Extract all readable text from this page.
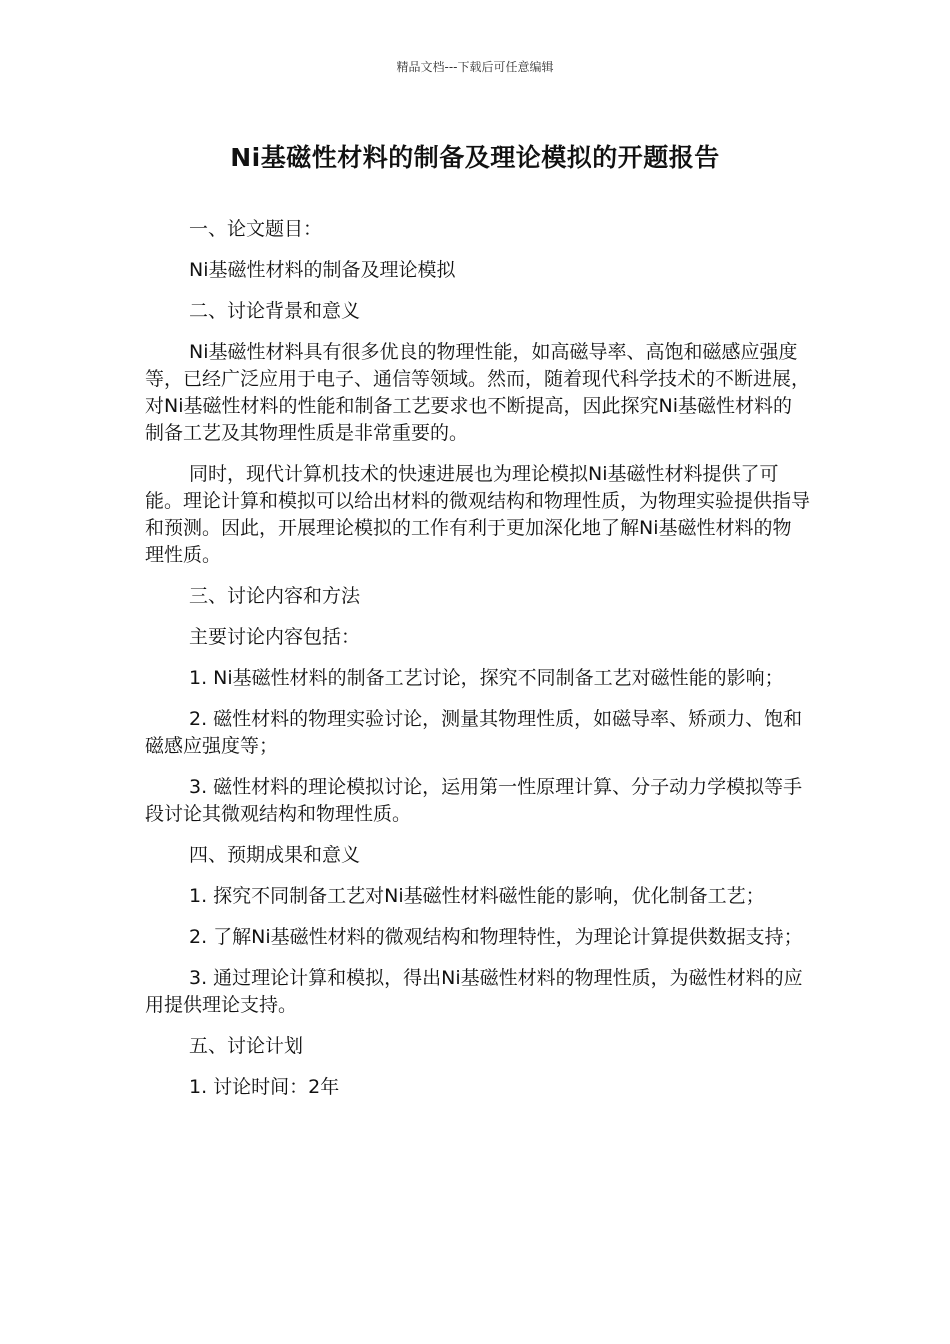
精品文档---下载后可任意编辑
Ni基磁性材料的制备及理论模拟的开题报告

一、论文题目：

Ni基磁性材料的制备及理论模拟

二、讨论背景和意义

Ni基磁性材料具有很多优良的物理性能，如高磁导率、高饱和磁感应强度等，已经广泛应用于电子、通信等领域。然而，随着现代科学技术的不断进展，对Ni基磁性材料的性能和制备工艺要求也不断提高，因此探究Ni基磁性材料的制备工艺及其物理性质是非常重要的。

同时，现代计算机技术的快速进展也为理论模拟Ni基磁性材料提供了可能。理论计算和模拟可以给出材料的微观结构和物理性质，为物理实验提供指导和预测。因此，开展理论模拟的工作有利于更加深化地了解Ni基磁性材料的物理性质。

三、讨论内容和方法

主要讨论内容包括：

1. Ni基磁性材料的制备工艺讨论，探究不同制备工艺对磁性能的影响；

2. 磁性材料的物理实验讨论，测量其物理性质，如磁导率、矫顽力、饱和磁感应强度等；

3. 磁性材料的理论模拟讨论，运用第一性原理计算、分子动力学模拟等手段讨论其微观结构和物理性质。

四、预期成果和意义

1. 探究不同制备工艺对Ni基磁性材料磁性能的影响，优化制备工艺；

2. 了解Ni基磁性材料的微观结构和物理特性，为理论计算提供数据支持；

3. 通过理论计算和模拟，得出Ni基磁性材料的物理性质，为磁性材料的应用提供理论支持。

五、讨论计划

1. 讨论时间：2年
